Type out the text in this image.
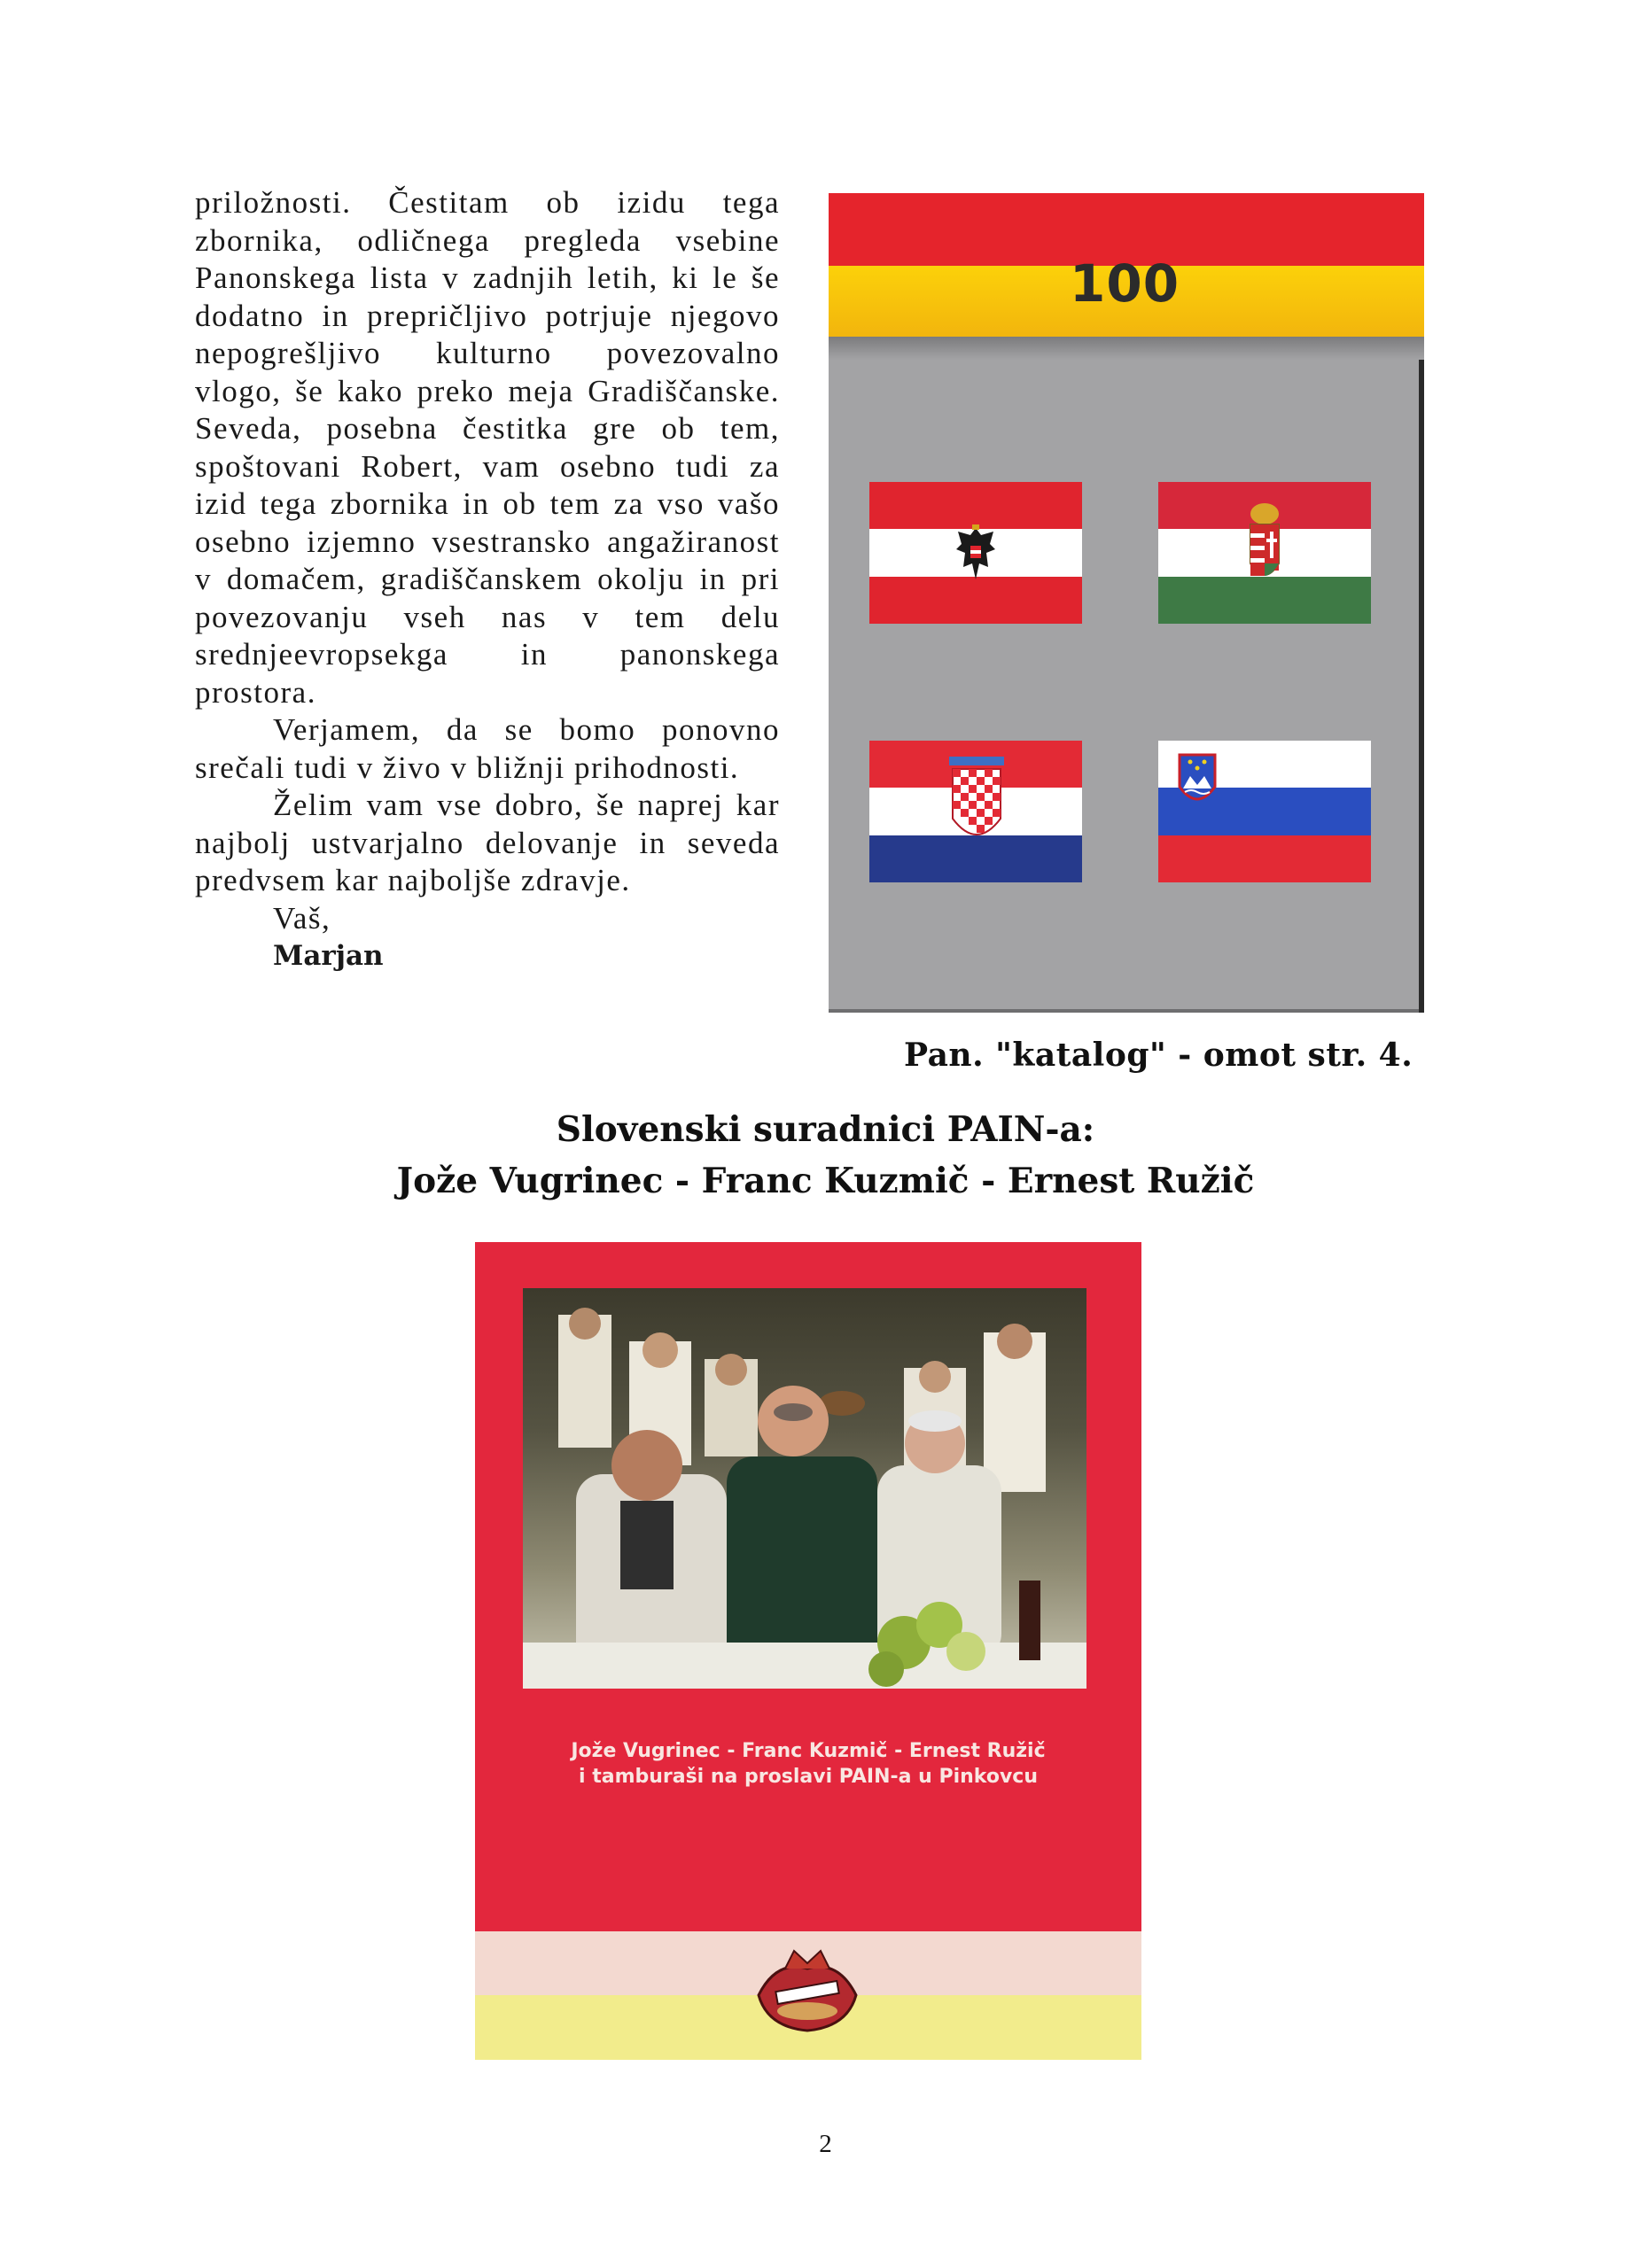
priložnosti. Čestitam ob izidu tega zbornika, odličnega pregleda vsebine Panonskega lista v zadnjih letih, ki le še dodatno in prepričljivo potrjuje njegovo nepogrešljivo kulturno povezovalno vlogo, še kako preko meja Gradiščanske. Seveda, posebna čestitka gre ob tem, spoštovani Robert, vam osebno tudi za izid tega zbornika in ob tem za vso vašo osebno izjemno vsestransko angažiranost v domačem, gradiščanskem okolju in pri povezovanju vseh nas v tem delu srednjeevropsekga in panonskega prostora.

Verjamem, da se bomo ponovno srečali tudi v živo v bližnji prihodnosti.

Želim vam vse dobro, še naprej kar najbolj ustvarjalno delovanje in seveda predvsem kar najboljše zdravje.

Vaš,

Marjan

100
Pan. "katalog" - omot str. 4.
Slovenski suradnici PAIN-a:
Jože Vugrinec - Franc Kuzmič - Ernest Ružič
Jože Vugrinec - Franc Kuzmič - Ernest Ružič
i tamburaši na proslavi PAIN-a u Pinkovcu
2
